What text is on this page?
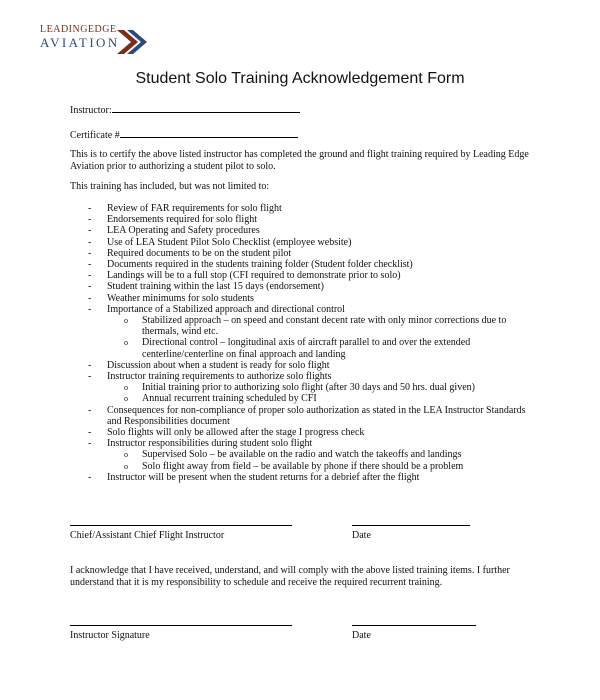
LEADINGEDGE
AVIATION
Student Solo Training Acknowledgement Form
Instructor:
Certificate #
This is to certify the above listed instructor has completed the ground and flight training required by Leading Edge Aviation prior to authorizing a student pilot to solo.
This training has included, but was not limited to:
- Review of FAR requirements for solo flight
- Endorsements required for solo flight
- LEA Operating and Safety procedures
- Use of LEA Student Pilot Solo Checklist (employee website)
- Required documents to be on the student pilot
- Documents required in the students training folder (Student folder checklist)
- Landings will be to a full stop (CFI required to demonstrate prior to solo)
- Student training within the last 15 days (endorsement)
- Weather minimums for solo students
- Importance of a Stabilized approach and directional control
o Stabilized approach – on speed and constant decent rate with only minor corrections due to thermals, wind etc.
o Directional control – longitudinal axis of aircraft parallel to and over the extended centerline/centerline on final approach and landing
- Discussion about when a student is ready for solo flight
- Instructor training requirements to authorize solo flights
o Initial training prior to authorizing solo flight (after 30 days and 50 hrs. dual given)
o Annual recurrent training scheduled by CFI
- Consequences for non-compliance of proper solo authorization as stated in the LEA Instructor Standards and Responsibilities document
- Solo flights will only be allowed after the stage I progress check
- Instructor responsibilities during student solo flight
o Supervised Solo – be available on the radio and watch the takeoffs and landings
o Solo flight away from field – be available by phone if there should be a problem
- Instructor will be present when the student returns for a debrief after the flight
Chief/Assistant Chief Flight Instructor	Date
I acknowledge that I have received, understand, and will comply with the above listed training items. I further understand that it is my responsibility to schedule and receive the required recurrent training.
Instructor Signature	Date
